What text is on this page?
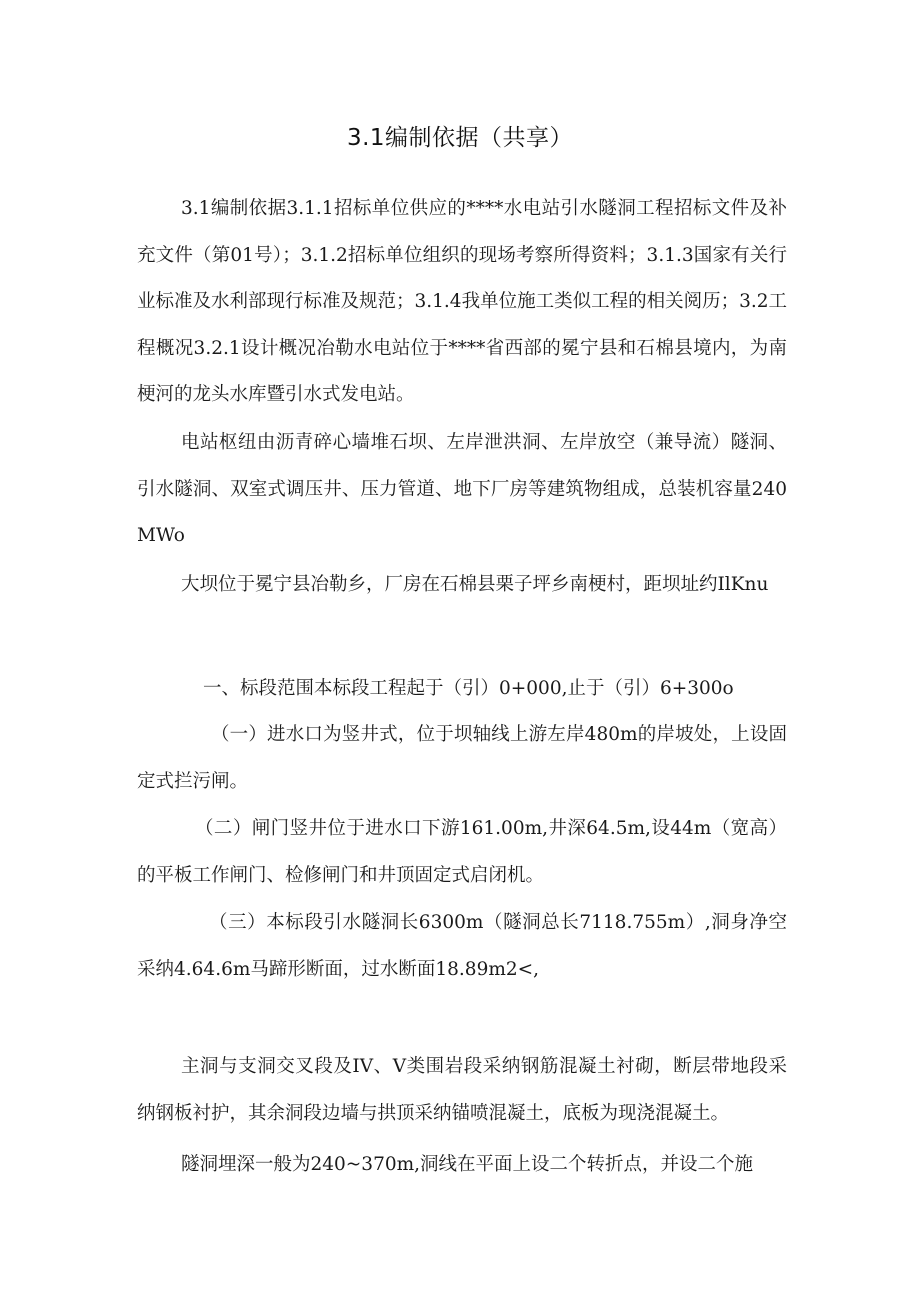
3.1编制依据（共享）

3.1编制依据3.1.1招标单位供应的****水电站引水隧洞工程招标文件及补充文件（第01号）；3.1.2招标单位组织的现场考察所得资料；3.1.3国家有关行业标准及水利部现行标准及规范；3.1.4我单位施工类似工程的相关阅历；3.2工程概况3.2.1设计概况冶勒水电站位于****省西部的冕宁县和石棉县境内，为南梗河的龙头水库暨引水式发电站。

电站枢纽由沥青碎心墙堆石坝、左岸泄洪洞、左岸放空（兼导流）隧洞、引水隧洞、双室式调压井、压力管道、地下厂房等建筑物组成，总装机容量240MWo

大坝位于冕宁县冶勒乡，厂房在石棉县栗子坪乡南梗村，距坝址约IlKnu

一、标段范围本标段工程起于（引）0+000,止于（引）6+300o

（一）进水口为竖井式，位于坝轴线上游左岸480m的岸坡处，上设固定式拦污闸。

（二）闸门竖井位于进水口下游161.00m,井深64.5m,设44m（宽高）的平板工作闸门、检修闸门和井顶固定式启闭机。

（三）本标段引水隧洞长6300m（隧洞总长7118.755m）,洞身净空采纳4.64.6m马蹄形断面，过水断面18.89m2<,

主洞与支洞交叉段及IV、V类围岩段采纳钢筋混凝土衬砌，断层带地段采纳钢板衬护，其余洞段边墙与拱顶采纳锚喷混凝土，底板为现浇混凝土。

隧洞埋深一般为240~370m,洞线在平面上设二个转折点，并设二个施
